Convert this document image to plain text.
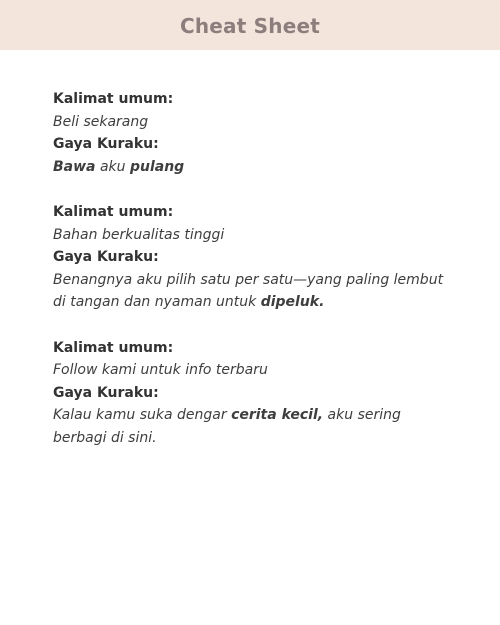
Cheat Sheet
Kalimat umum:
Beli sekarang
Gaya Kuraku:
Bawa aku pulang
Kalimat umum:
Bahan berkualitas tinggi
Gaya Kuraku:
Benangnya aku pilih satu per satu—yang paling lembut
di tangan dan nyaman untuk dipeluk.
Kalimat umum:
Follow kami untuk info terbaru
Gaya Kuraku:
Kalau kamu suka dengar cerita kecil, aku sering
berbagi di sini.
